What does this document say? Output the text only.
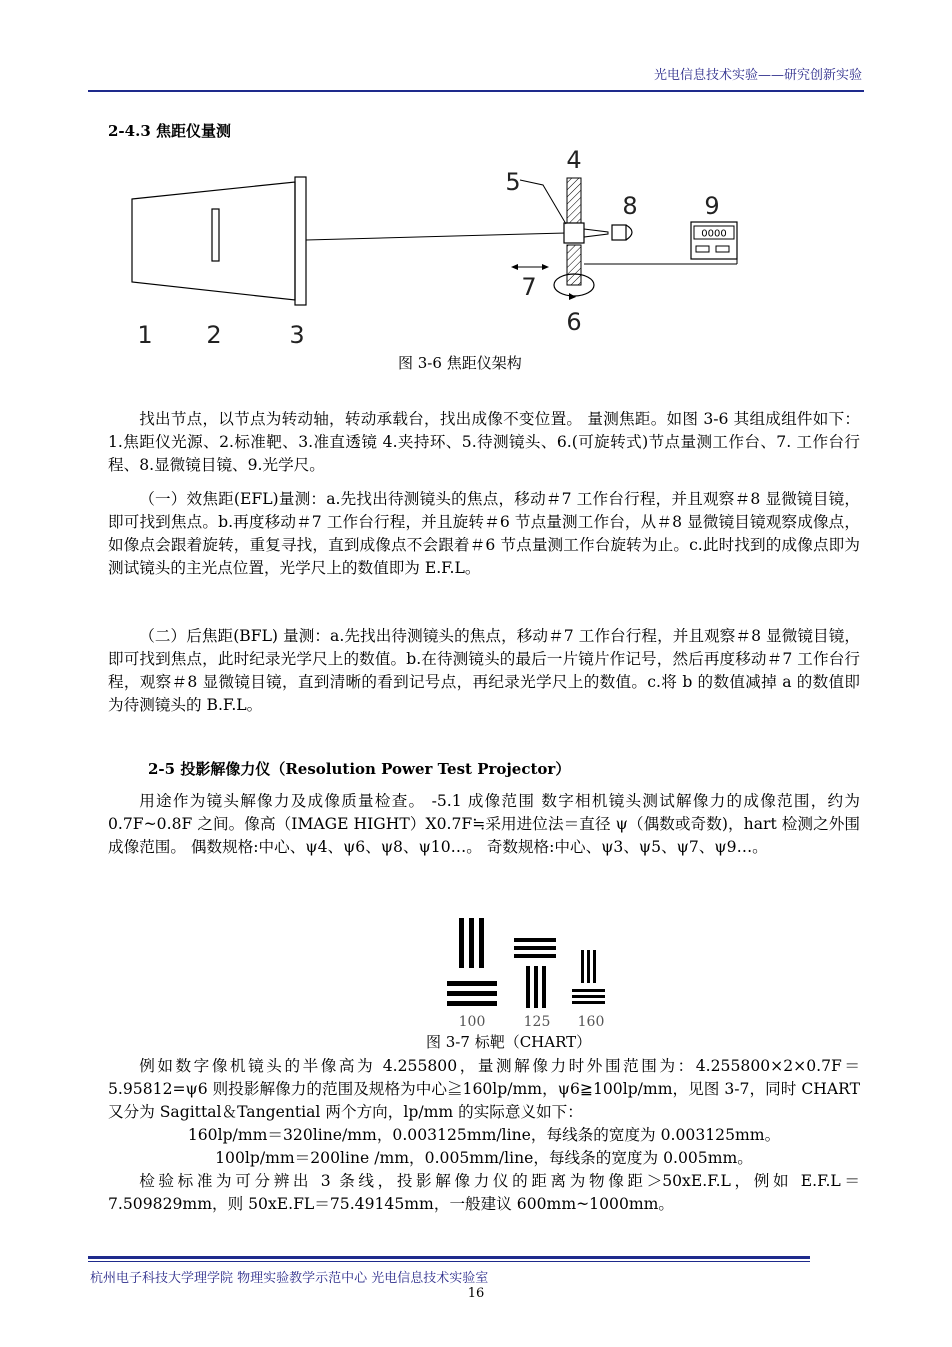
光电信息技术实验——研究创新实验
2-4.3 焦距仪量测
0000
1 2	3
4
5
6
7
8	9
图 3-6 焦距仪架构

找出节点，以节点为转动轴，转动承载台，找出成像不变位置。 量测焦距。如图 3-6 其组成组件如下：1.焦距仪光源、2.标准靶、3.准直透镜 4.夹持环、5.待测镜头、6.(可旋转式)节点量测工作台、7. 工作台行程、8.显微镜目镜、9.光学尺。

（一）效焦距(EFL)量测：a.先找出待测镜头的焦点，移动＃7 工作台行程，并且观察＃8 显微镜目镜，即可找到焦点。b.再度移动＃7 工作台行程，并且旋转＃6 节点量测工作台，从＃8 显微镜目镜观察成像点，如像点会跟着旋转，重复寻找，直到成像点不会跟着＃6 节点量测工作台旋转为止。c.此时找到的成像点即为测试镜头的主光点位置，光学尺上的数值即为 E.F.L。

（二）后焦距(BFL) 量测：a.先找出待测镜头的焦点，移动＃7 工作台行程，并且观察＃8 显微镜目镜，即可找到焦点，此时纪录光学尺上的数值。b.在待测镜头的最后一片镜片作记号，然后再度移动＃7 工作台行程，观察＃8 显微镜目镜，直到清晰的看到记号点，再纪录光学尺上的数值。c.将 b 的数值减掉 a 的数值即为待测镜头的 B.F.L。

2-5 投影解像力仪（Resolution Power Test Projector）

用途作为镜头解像力及成像质量检查。 -5.1 成像范围 数字相机镜头测试解像力的成像范围，约为 0.7F~0.8F 之间。像高（IMAGE HIGHT）X0.7F≒采用进位法＝直径 ψ（偶数或奇数)，hart 检测之外围成像范围。 偶数规格:中心、ψ4、ψ6、ψ8、ψ10…。 奇数规格:中心、ψ3、ψ5、ψ7、ψ9…。

100	125 160
图 3-7 标靶（CHART）

例如数字像机镜头的半像高为 4.255800，量测解像力时外围范围为：4.255800×2×0.7F＝5.95812=ψ6 则投影解像力的范围及规格为中心≧160lp/mm，ψ6≧100lp/mm，见图 3-7，同时 CHART 又分为 Sagittal＆Tangential 两个方向，lp/mm 的实际意义如下：

160lp/mm＝320line/mm，0.003125mm/line，每线条的宽度为 0.003125mm。
100lp/mm＝200line /mm，0.005mm/line，每线条的宽度为 0.005mm。

检验标准为可分辨出 3 条线，投影解像力仪的距离为物像距＞50xE.F.L，例如 E.F.L＝7.509829mm，则 50xE.FL＝75.49145mm，一般建议 600mm~1000mm。

杭州电子科技大学理学院 物理实验教学示范中心 光电信息技术实验室
16
